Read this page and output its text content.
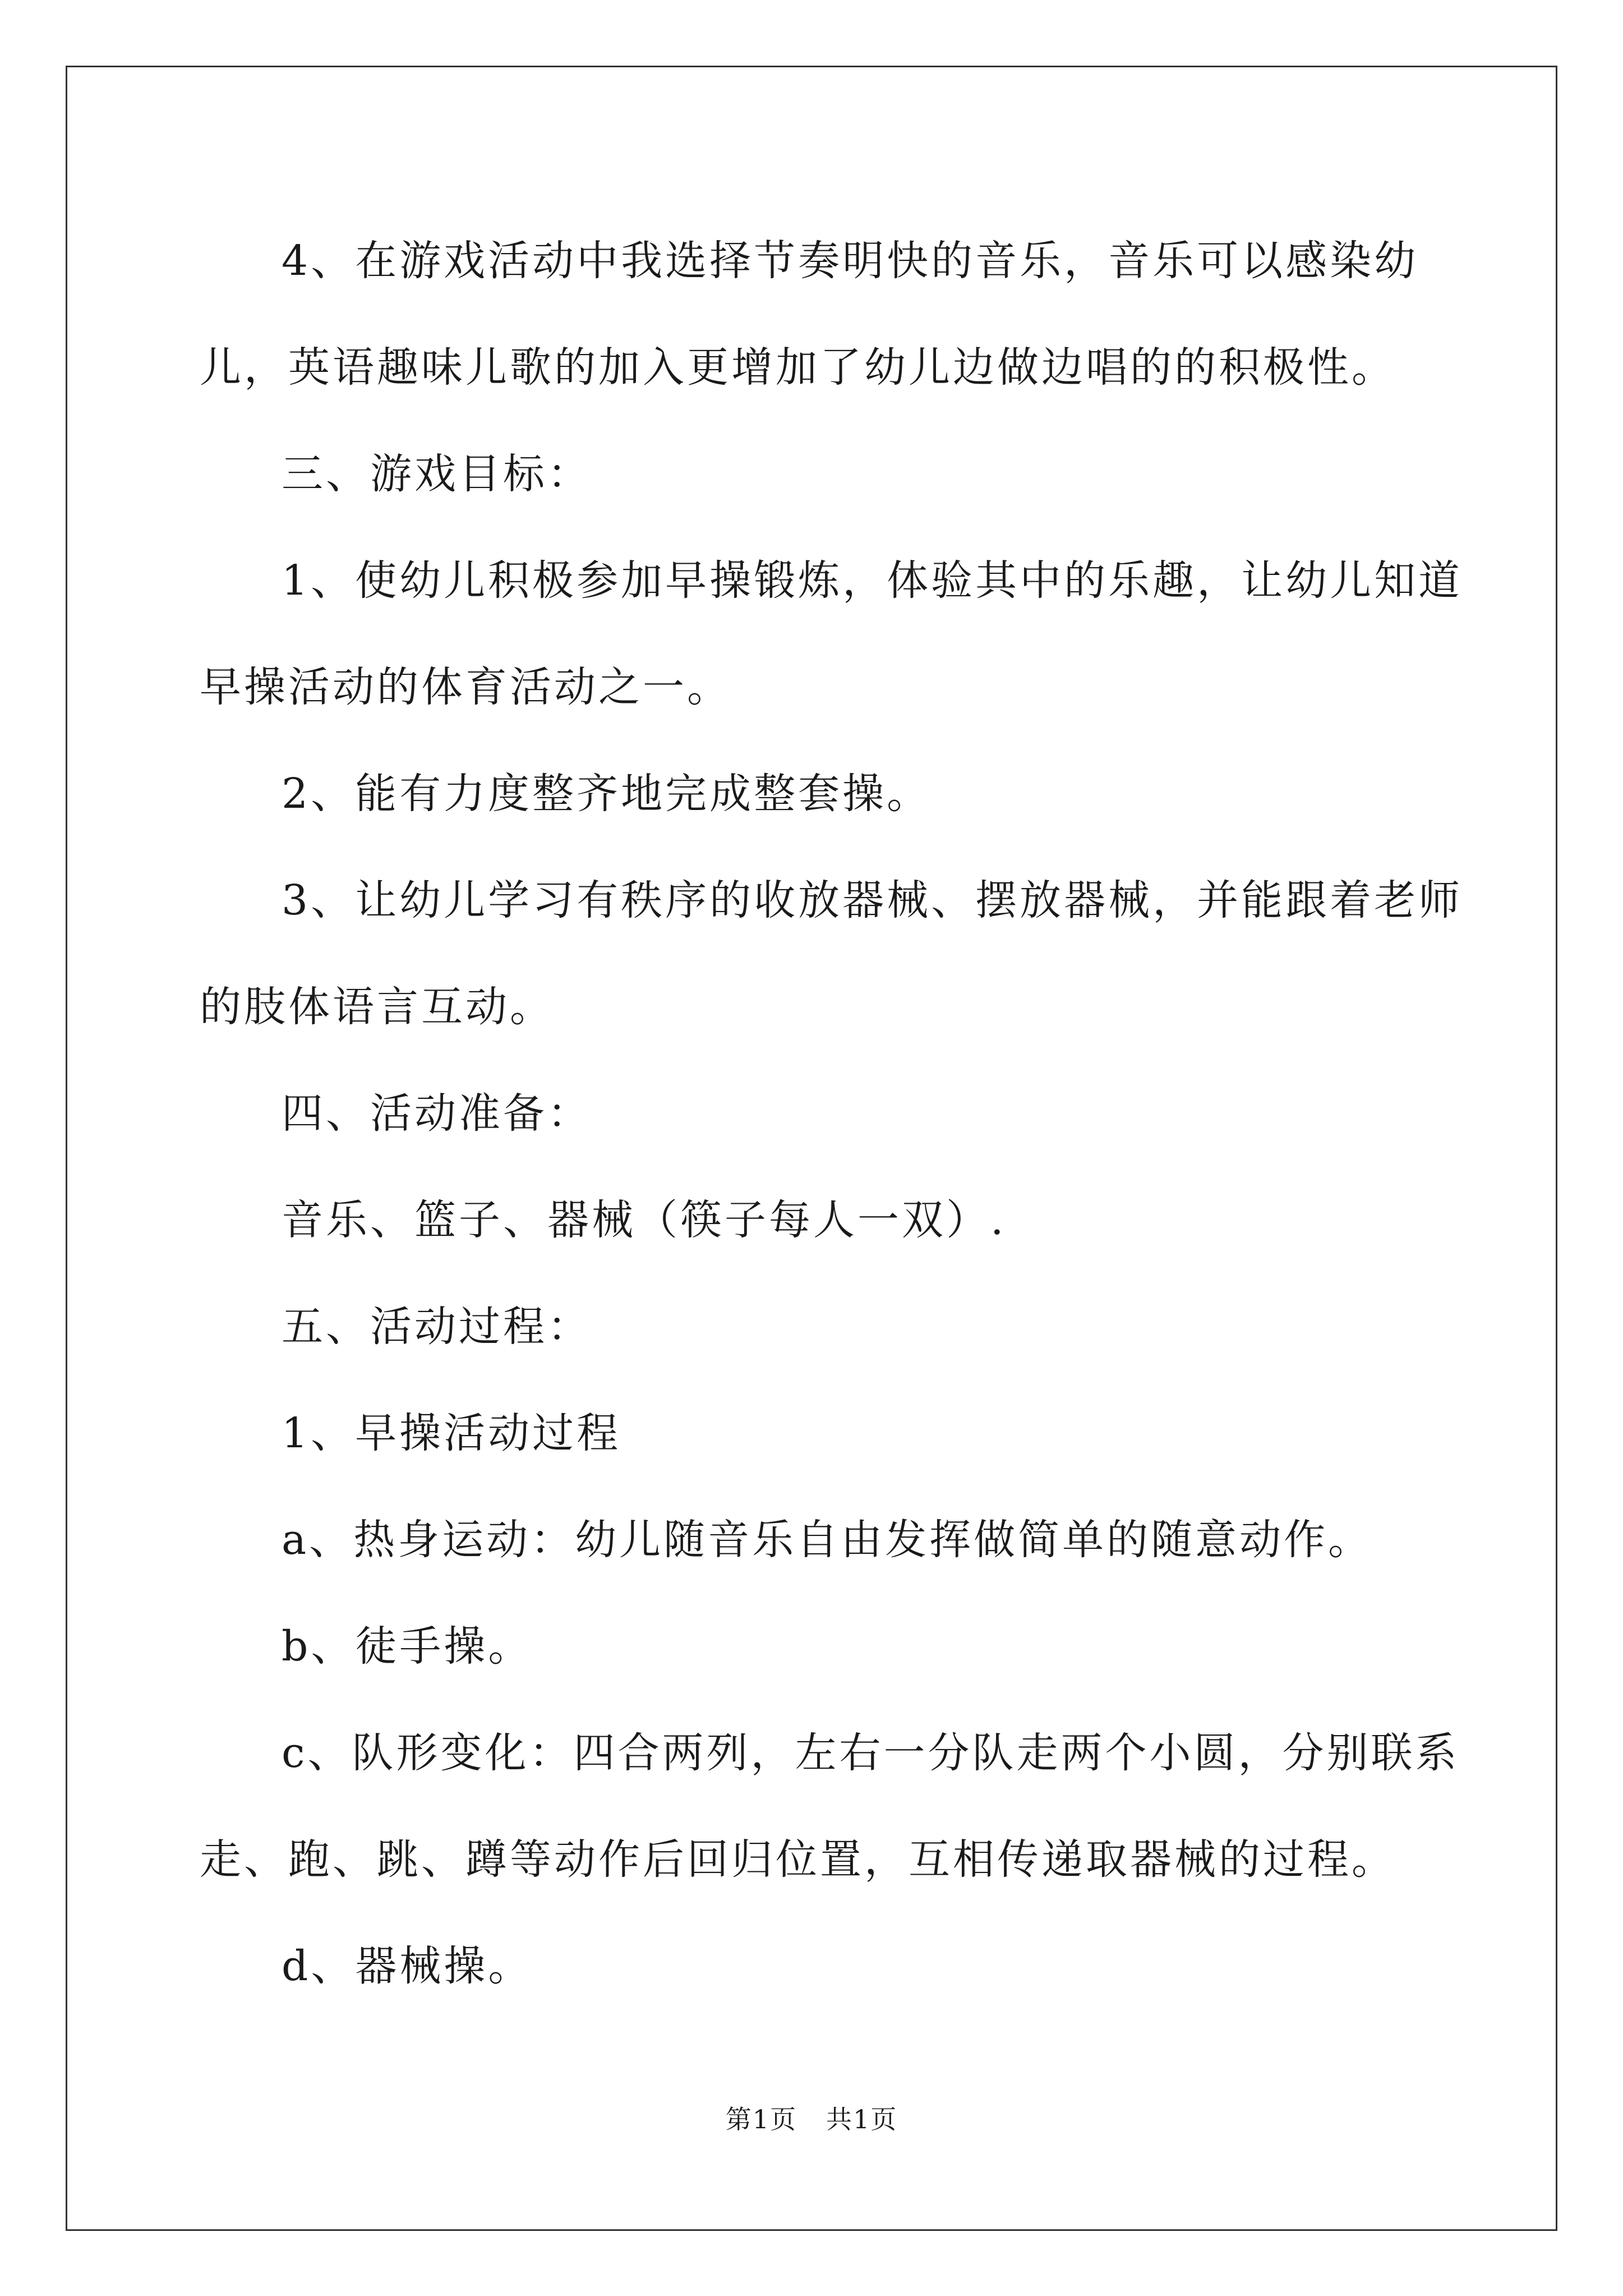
4、在游戏活动中我选择节奏明快的音乐，音乐可以感染幼儿，英语趣味儿歌的加入更增加了幼儿边做边唱的的积极性。

三、游戏目标：

1、使幼儿积极参加早操锻炼，体验其中的乐趣，让幼儿知道早操活动的体育活动之一。

2、能有力度整齐地完成整套操。

3、让幼儿学习有秩序的收放器械、摆放器械，并能跟着老师的肢体语言互动。

四、活动准备：

音乐、篮子、器械（筷子每人一双）.

五、活动过程：

1、早操活动过程

a、热身运动：幼儿随音乐自由发挥做简单的随意动作。

b、徒手操。

c、队形变化：四合两列，左右一分队走两个小圆，分别联系走、跑、跳、蹲等动作后回归位置，互相传递取器械的过程。

d、器械操。

第1页 共1页
